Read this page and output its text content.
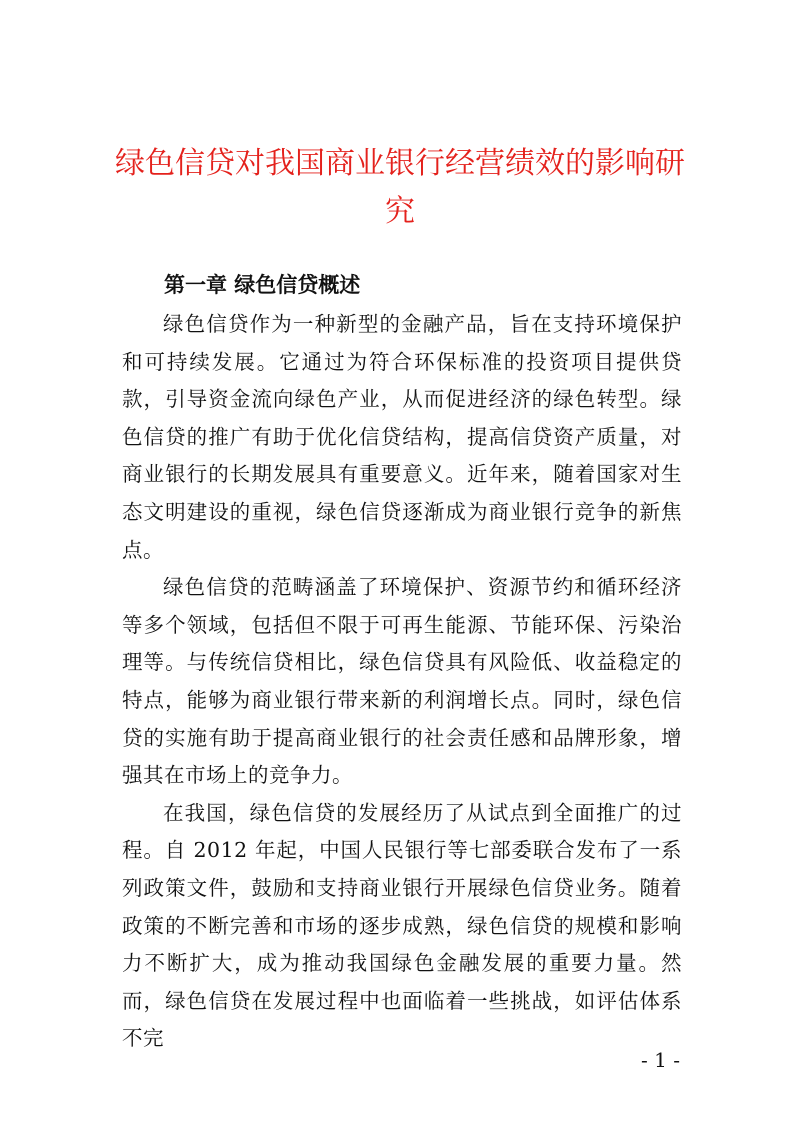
绿色信贷对我国商业银行经营绩效的影响研究
第一章 绿色信贷概述

绿色信贷作为一种新型的金融产品，旨在支持环境保护和可持续发展。它通过为符合环保标准的投资项目提供贷款，引导资金流向绿色产业，从而促进经济的绿色转型。绿色信贷的推广有助于优化信贷结构，提高信贷资产质量，对商业银行的长期发展具有重要意义。近年来，随着国家对生态文明建设的重视，绿色信贷逐渐成为商业银行竞争的新焦点。

绿色信贷的范畴涵盖了环境保护、资源节约和循环经济等多个领域，包括但不限于可再生能源、节能环保、污染治理等。与传统信贷相比，绿色信贷具有风险低、收益稳定的特点，能够为商业银行带来新的利润增长点。同时，绿色信贷的实施有助于提高商业银行的社会责任感和品牌形象，增强其在市场上的竞争力。

在我国，绿色信贷的发展经历了从试点到全面推广的过程。自 2012 年起，中国人民银行等七部委联合发布了一系列政策文件，鼓励和支持商业银行开展绿色信贷业务。随着政策的不断完善和市场的逐步成熟，绿色信贷的规模和影响力不断扩大，成为推动我国绿色金融发展的重要力量。然而，绿色信贷在发展过程中也面临着一些挑战，如评估体系不完

- 1 -
